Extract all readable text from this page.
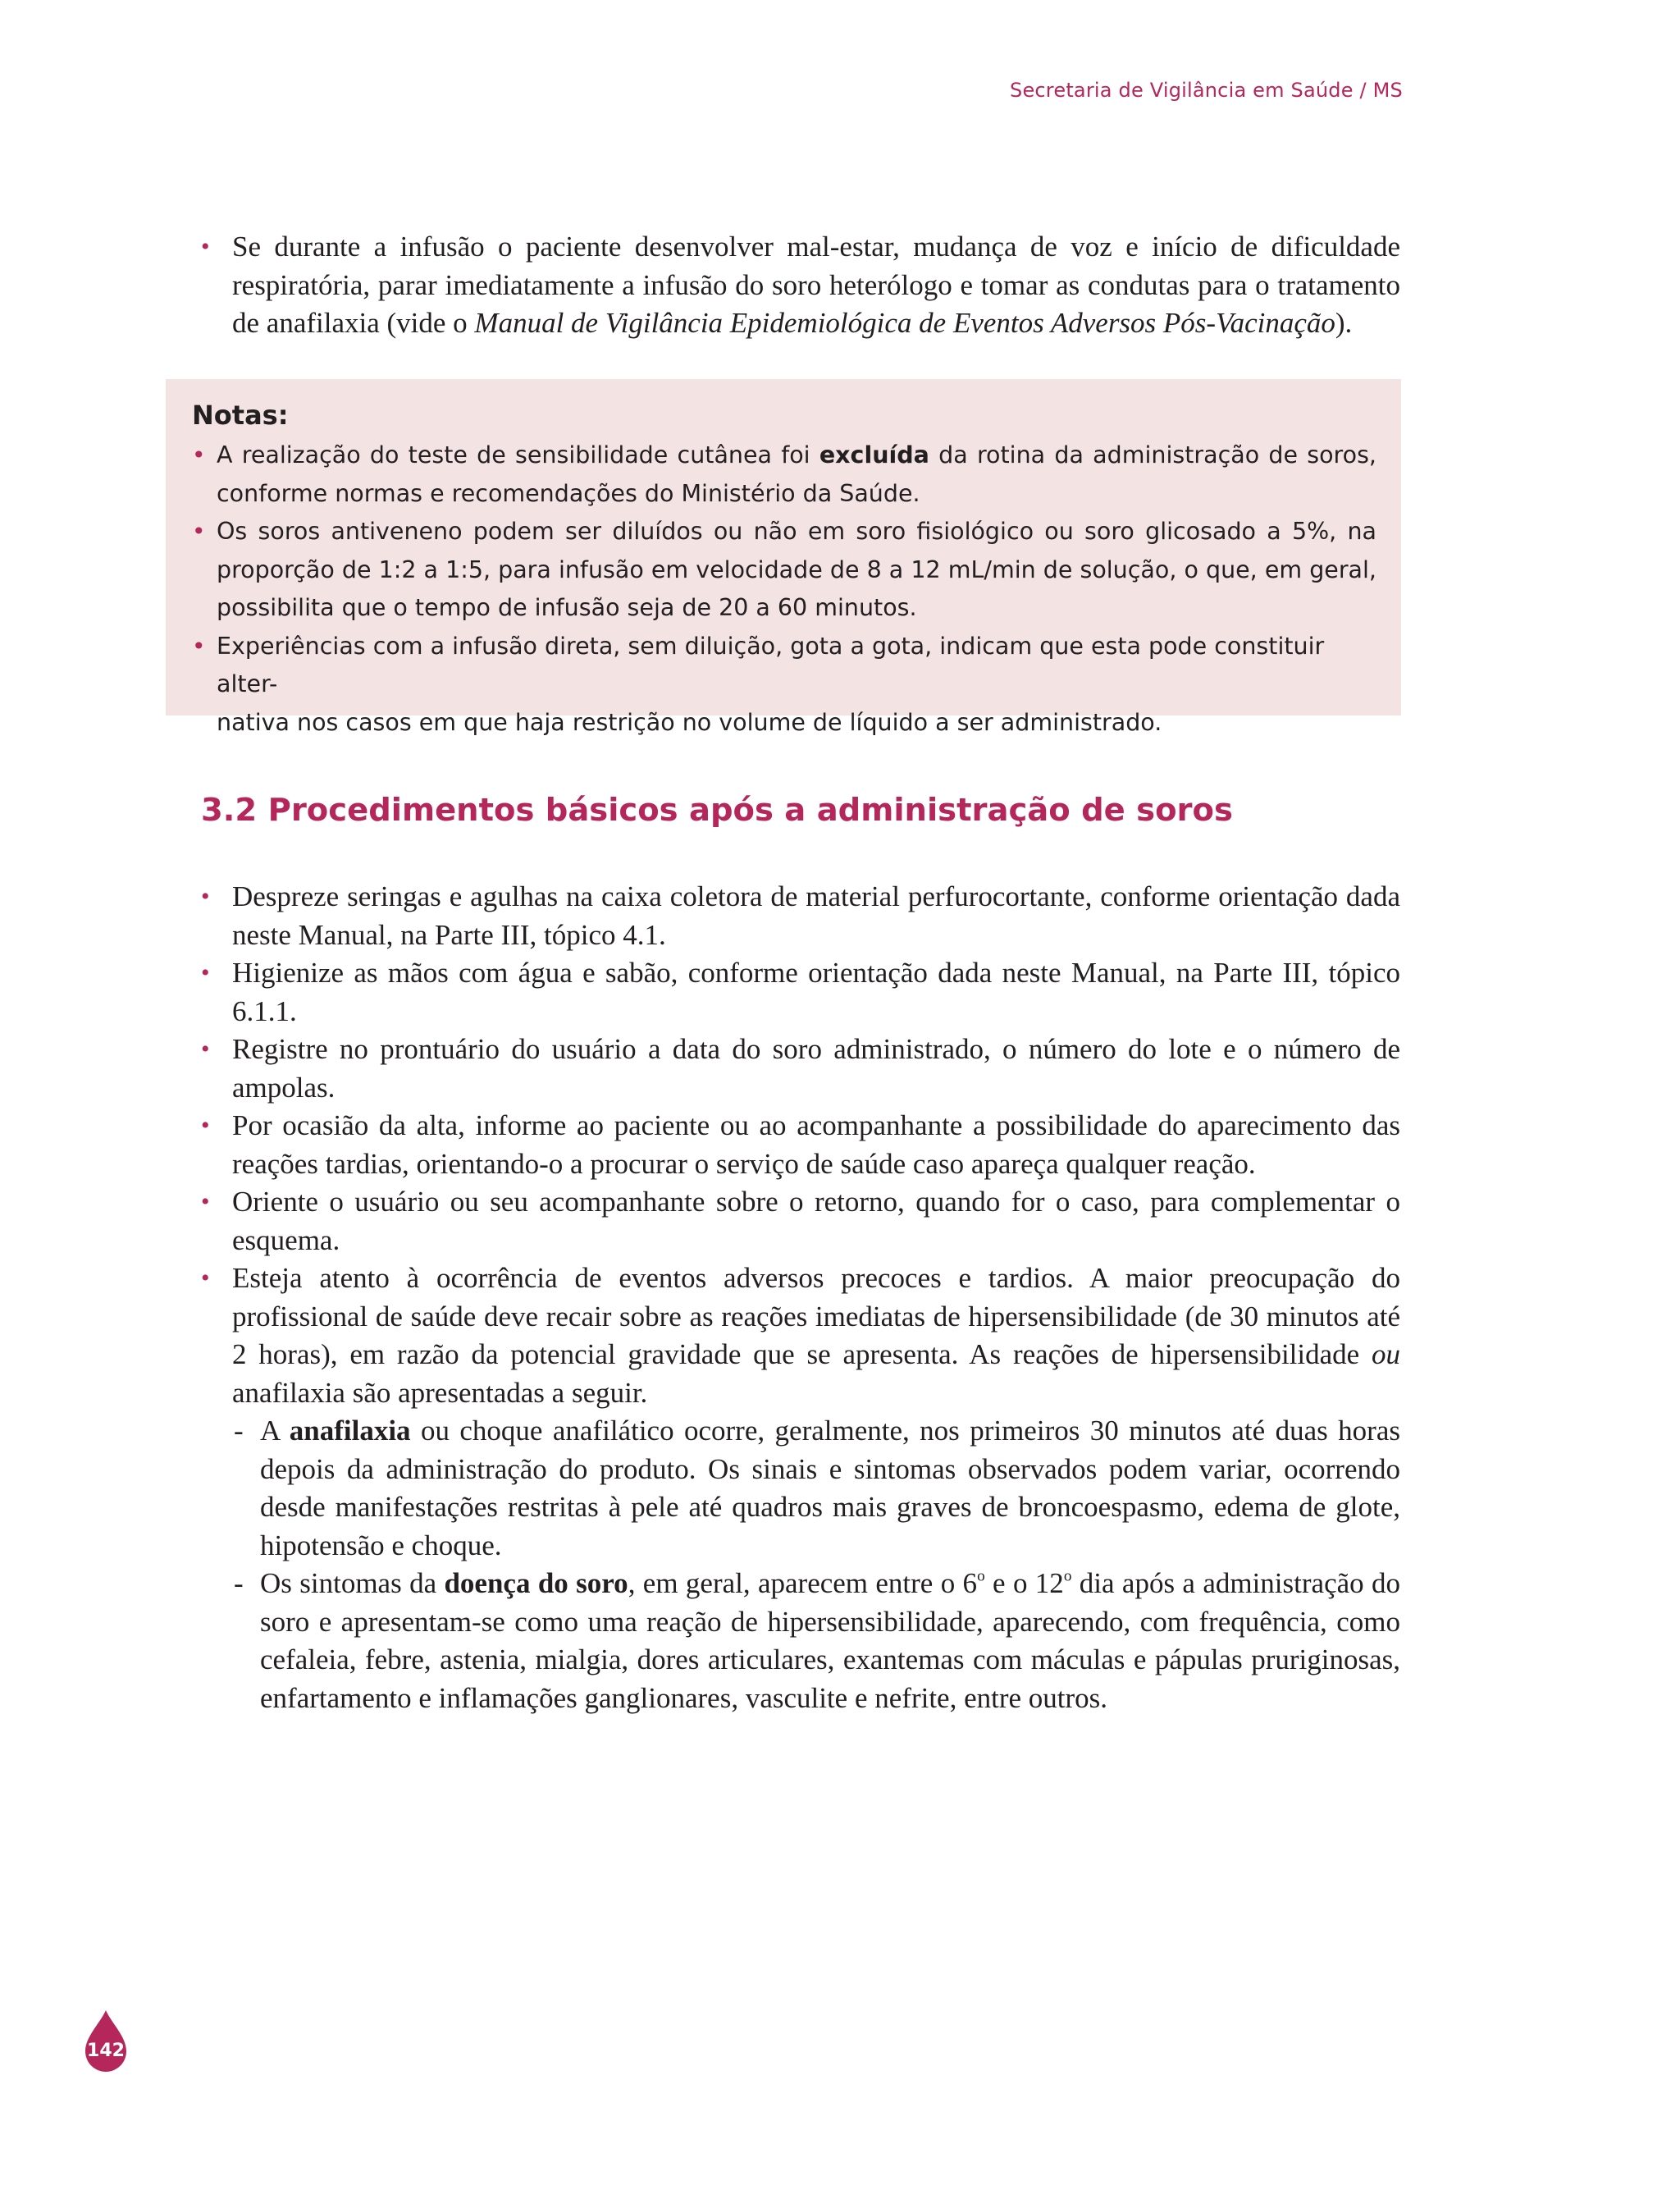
Secretaria de Vigilância em Saúde / MS
• Se durante a infusão o paciente desenvolver mal-estar, mudança de voz e início de dificuldade respiratória, parar imediatamente a infusão do soro heterólogo e tomar as condutas para o tratamento de anafilaxia (vide o Manual de Vigilância Epidemiológica de Eventos Adversos Pós-Vacinação).
Notas:
• A realização do teste de sensibilidade cutânea foi excluída da rotina da administração de soros, conforme normas e recomendações do Ministério da Saúde.
• Os soros antiveneno podem ser diluídos ou não em soro fisiológico ou soro glicosado a 5%, na proporção de 1:2 a 1:5, para infusão em velocidade de 8 a 12 mL/min de solução, o que, em geral, possibilita que o tempo de infusão seja de 20 a 60 minutos.
• Experiências com a infusão direta, sem diluição, gota a gota, indicam que esta pode constituir alter-
nativa nos casos em que haja restrição no volume de líquido a ser administrado.
3.2 Procedimentos básicos após a administração de soros
• Despreze seringas e agulhas na caixa coletora de material perfurocortante, conforme orientação dada neste Manual, na Parte III, tópico 4.1.
• Higienize as mãos com água e sabão, conforme orientação dada neste Manual, na Parte III, tópico 6.1.1.
• Registre no prontuário do usuário a data do soro administrado, o número do lote e o número de ampolas.
• Por ocasião da alta, informe ao paciente ou ao acompanhante a possibilidade do aparecimento das reações tardias, orientando-o a procurar o serviço de saúde caso apareça qualquer reação.
• Oriente o usuário ou seu acompanhante sobre o retorno, quando for o caso, para complementar o esquema.
• Esteja atento à ocorrência de eventos adversos precoces e tardios. A maior preocupação do profissional de saúde deve recair sobre as reações imediatas de hipersensibilidade (de 30 minutos até 2 horas), em razão da potencial gravidade que se apresenta. As reações de hipersensibilidade ou anafilaxia são apresentadas a seguir.
- A anafilaxia ou choque anafilático ocorre, geralmente, nos primeiros 30 minutos até duas horas depois da administração do produto. Os sinais e sintomas observados podem variar, ocorrendo desde manifestações restritas à pele até quadros mais graves de broncoespasmo, edema de glote, hipotensão e choque.
- Os sintomas da doença do soro, em geral, aparecem entre o 6$^o$ e o 12$^o$ dia após a administração do soro e apresentam-se como uma reação de hipersensibilidade, aparecendo, com frequência, como cefaleia, febre, astenia, mialgia, dores articulares, exantemas com máculas e pápulas pruriginosas, enfartamento e inflamações ganglionares, vasculite e nefrite, entre outros.
142
